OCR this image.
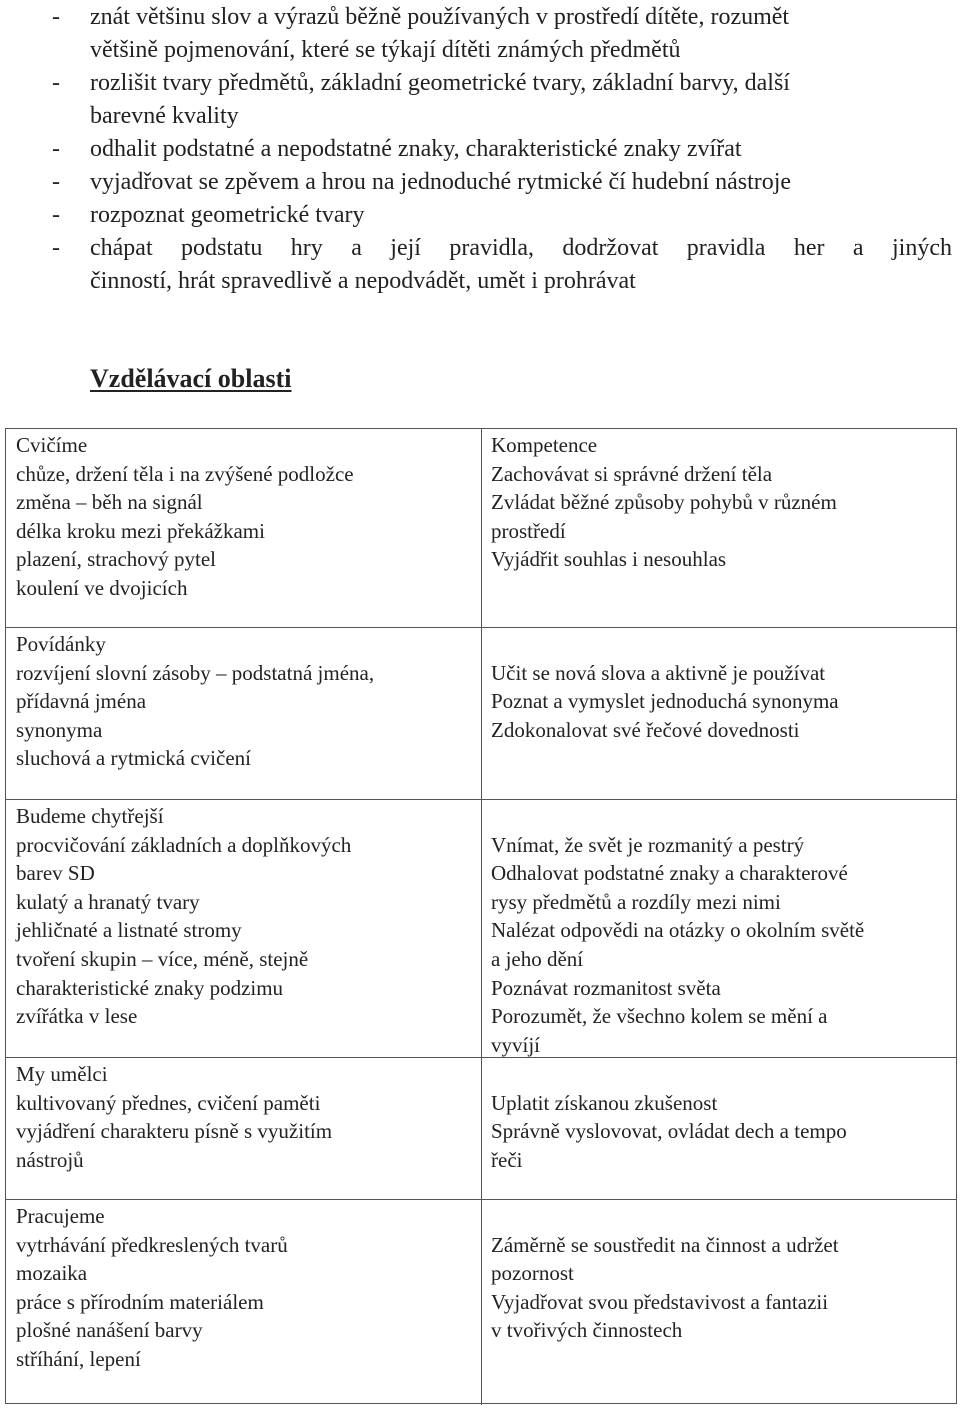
- znát většinu slov a výrazů běžně používaných v prostředí dítěte, rozumět
většině pojmenování, které se týkají dítěti známých předmětů
- rozlišit tvary předmětů, základní geometrické tvary, základní barvy, další
barevné kvality
- odhalit podstatné a nepodstatné znaky, charakteristické znaky zvířat
- vyjadřovat se zpěvem a hrou na jednoduché rytmické čí hudební nástroje
- rozpoznat geometrické tvary
- chápat podstatu hry a její pravidla, dodržovat pravidla her a jiných
činností, hrát spravedlivě a nepodvádět, umět i prohrávat
Vzdělávací oblasti
Cvičíme
chůze, držení těla i na zvýšené podložce
změna – běh na signál
délka kroku mezi překážkami
plazení, strachový pytel
koulení ve dvojicích
Kompetence
Zachovávat si správné držení těla
Zvládat běžné způsoby pohybů v různém
prostředí
Vyjádřit souhlas i nesouhlas
Povídánky
rozvíjení slovní zásoby – podstatná jména,
přídavná jména
synonyma
sluchová a rytmická cvičení
Učit se nová slova a aktivně je používat
Poznat a vymyslet jednoduchá synonyma
Zdokonalovat své řečové dovednosti
Budeme chytřejší
procvičování základních a doplňkových
barev SD
kulatý a hranatý tvary
jehličnaté a listnaté stromy
tvoření skupin – více, méně, stejně
charakteristické znaky podzimu
zvířátka v lese
Vnímat, že svět je rozmanitý a pestrý
Odhalovat podstatné znaky a charakterové
rysy předmětů a rozdíly mezi nimi
Nalézat odpovědi na otázky o okolním světě
a jeho dění
Poznávat rozmanitost světa
Porozumět, že všechno kolem se mění a
vyvíjí
My umělci
kultivovaný přednes, cvičení paměti
vyjádření charakteru písně s využitím
nástrojů
Uplatit získanou zkušenost
Správně vyslovovat, ovládat dech a tempo
řeči
Pracujeme
vytrhávání předkreslených tvarů
mozaika
práce s přírodním materiálem
plošné nanášení barvy
stříhání, lepení
Záměrně se soustředit na činnost a udržet
pozornost
Vyjadřovat svou představivost a fantazii
v tvořivých činnostech
